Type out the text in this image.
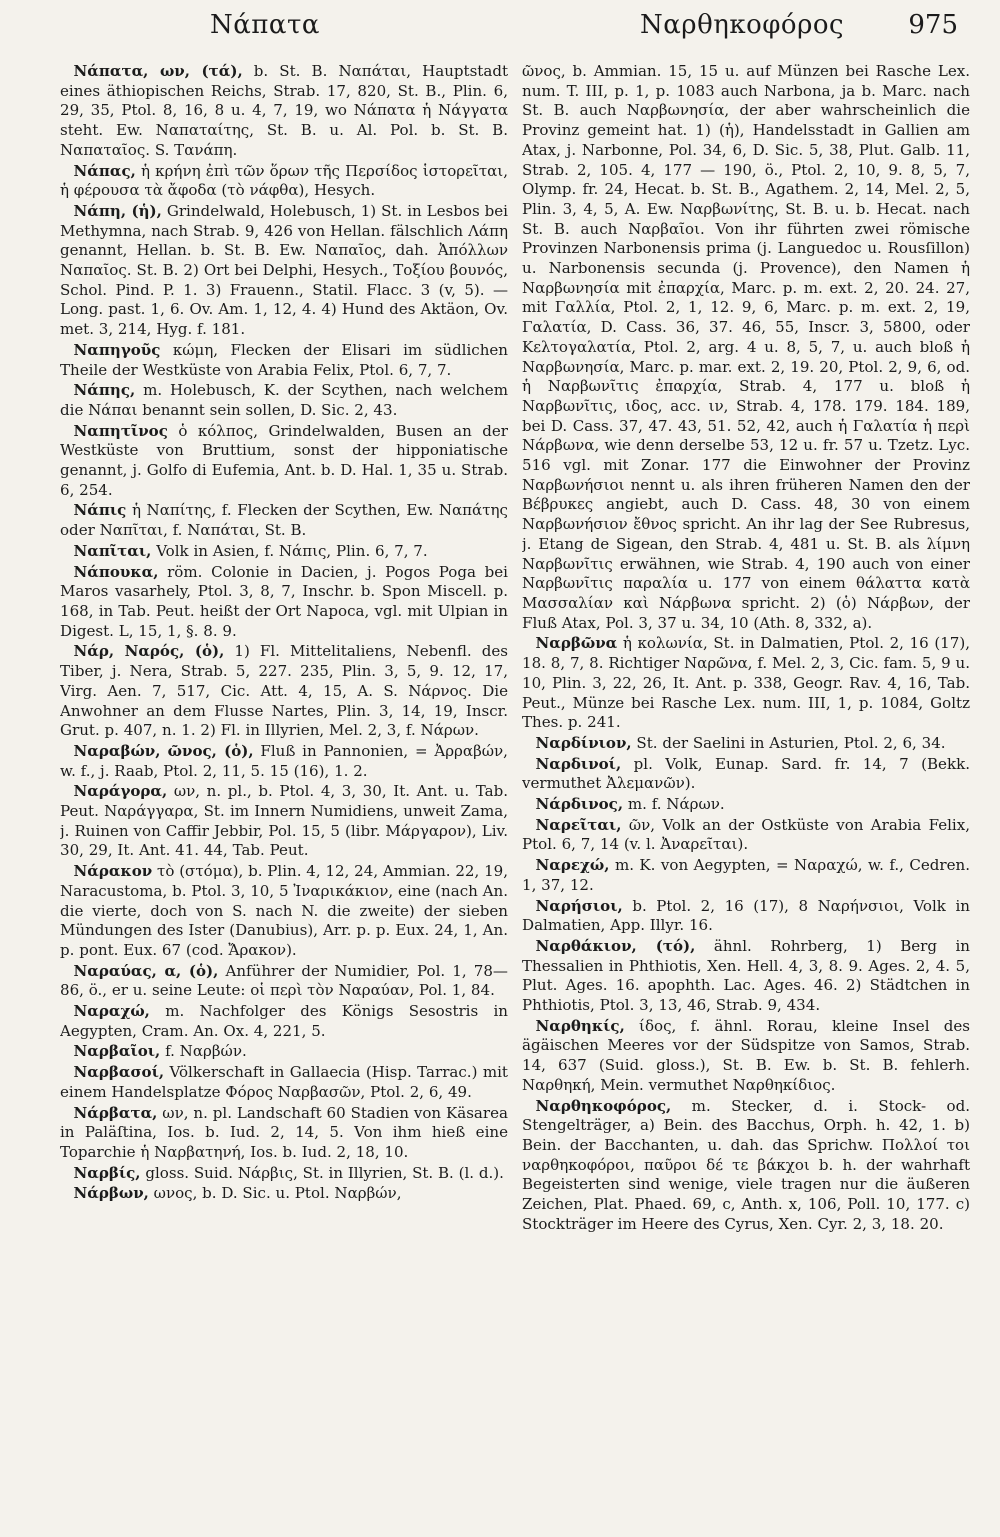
Νάπατα	Ναρθηκοφόρος 975

Νάπατα, ων, (τά), b. St. B. Ναπάται, Hauptstadt eines äthiopischen Reichs, Strab. 17, 820, St. B., Plin. 6, 29, 35, Ptol. 8, 16, 8 u. 4, 7, 19, wo Νάπατα ἡ Νάγγατα steht. Ew. Ναπαταίτης, St. B. u. Al. Pol. b. St. B. Ναπαταῖος. S. Τανάπη.

Νάπας, ἡ κρήνη ἐπὶ τῶν ὅρων τῆς Περσίδος ἱστορεῖται, ἡ φέρουσα τὰ ἄφοδα (τὸ νάφθα), Hesych.

Νάπη, (ἡ), Grindelwald, Holebusch, 1) St. in Lesbos bei Methymna, nach Strab. 9, 426 von Hellan. fälschlich Λάπη genannt, Hellan. b. St. B. Ew. Ναπαῖος, dah. Ἀπόλλων Ναπαῖος. St. B. 2) Ort bei Delphi, Hesych., Τοξίου βουνός, Schol. Pind. P. 1. 3) Frauenn., Statil. Flacc. 3 (v, 5). — Long. past. 1, 6. Ov. Am. 1, 12, 4. 4) Hund des Aktäon, Ov. met. 3, 214, Hyg. f. 181.

Ναπηγοῦς κώμη, Flecken der Elisari im südlichen Theile der Westküste von Arabia Felix, Ptol. 6, 7, 7.

Νάπης, m. Holebusch, K. der Scythen, nach welchem die Νάπαι benannt sein sollen, D. Sic. 2, 43.

Ναπητῖνος ὁ κόλπος, Grindelwalden, Busen an der Westküste von Bruttium, sonst der hipponiatische genannt, j. Golfo di Eufemia, Ant. b. D. Hal. 1, 35 u. Strab. 6, 254.

Νάπις ἡ Ναπίτης, f. Flecken der Scythen, Ew. Ναπάτης oder Ναπῖται, f. Ναπάται, St. B.

Ναπῖται, Volk in Asien, f. Νάπις, Plin. 6, 7, 7.

Νάπουκα, röm. Colonie in Dacien, j. Pogos Poga bei Maros vasarhely, Ptol. 3, 8, 7, Inschr. b. Spon Miscell. p. 168, in Tab. Peut. heißt der Ort Napoca, vgl. mit Ulpian in Digest. L, 15, 1, §. 8. 9.

Νάρ, Ναρός, (ὁ), 1) Fl. Mittelitaliens, Nebenfl. des Tiber, j. Nera, Strab. 5, 227. 235, Plin. 3, 5, 9. 12, 17, Virg. Aen. 7, 517, Cic. Att. 4, 15, A. S. Νάρνος. Die Anwohner an dem Flusse Nartes, Plin. 3, 14, 19, Inscr. Grut. p. 407, n. 1. 2) Fl. in Illyrien, Mel. 2, 3, f. Νάρων.

Ναραβών, ῶνος, (ὁ), Fluß in Pannonien, = Ἀρραβών, w. f., j. Raab, Ptol. 2, 11, 5. 15 (16), 1. 2.

Ναράγορα, ων, n. pl., b. Ptol. 4, 3, 30, It. Ant. u. Tab. Peut. Ναράγγαρα, St. im Innern Numidiens, unweit Zama, j. Ruinen von Caffir Jebbir, Pol. 15, 5 (libr. Μάργαρον), Liv. 30, 29, It. Ant. 41. 44, Tab. Peut.

Νάρακον τὸ (στόμα), b. Plin. 4, 12, 24, Ammian. 22, 19, Naracustoma, b. Ptol. 3, 10, 5 Ἰναρικάκιον, eine (nach An. die vierte, doch von S. nach N. die zweite) der sieben Mündungen des Ister (Danubius), Arr. p. p. Eux. 24, 1, An. p. pont. Eux. 67 (cod. Ἄρακον).

Ναραύας, α, (ὁ), Anführer der Numidier, Pol. 1, 78—86, ö., er u. seine Leute: οἱ περὶ τὸν Ναραύαν, Pol. 1, 84.

Ναραχώ, m. Nachfolger des Königs Sesostris in Aegypten, Cram. An. Ox. 4, 221, 5.

Ναρβαῖοι, f. Ναρβών.

Ναρβασοί, Völkerschaft in Gallaecia (Hisp. Tarrac.) mit einem Handelsplatze Φόρος Ναρβασῶν, Ptol. 2, 6, 49.

Νάρβατα, ων, n. pl. Landschaft 60 Stadien von Käsarea in Paläſtina, Ios. b. Iud. 2, 14, 5. Von ihm hieß eine Toparchie ἡ Ναρβατηνή, Ios. b. Iud. 2, 18, 10.

Ναρβίς, gloss. Suid. Νάρβις, St. in Illyrien, St. B. (l. d.).

Νάρβων, ωνος, b. D. Sic. u. Ptol. Ναρβών,

ῶνος, b. Ammian. 15, 15 u. auf Münzen bei Rasche Lex. num. T. III, p. 1, p. 1083 auch Narbona, ja b. Marc. nach St. B. auch Ναρβωνησία, der aber wahrscheinlich die Provinz gemeint hat. 1) (ἡ), Handelsstadt in Gallien am Atax, j. Narbonne, Pol. 34, 6, D. Sic. 5, 38, Plut. Galb. 11, Strab. 2, 105. 4, 177 — 190, ö., Ptol. 2, 10, 9. 8, 5, 7, Olymp. fr. 24, Hecat. b. St. B., Agathem. 2, 14, Mel. 2, 5, Plin. 3, 4, 5, A. Ew. Ναρβωνίτης, St. B. u. b. Hecat. nach St. B. auch Ναρβαῖοι. Von ihr führten zwei römische Provinzen Narbonensis prima (j. Languedoc u. Rousſillon) u. Narbonensis secunda (j. Provence), den Namen ἡ Ναρβωνησία mit ἐπαρχία, Marc. p. m. ext. 2, 20. 24. 27, mit Γαλλία, Ptol. 2, 1, 12. 9, 6, Marc. p. m. ext. 2, 19, Γαλατία, D. Cass. 36, 37. 46, 55, Inscr. 3, 5800, oder Κελτογαλατία, Ptol. 2, arg. 4 u. 8, 5, 7, u. auch bloß ἡ Ναρβωνησία, Marc. p. mar. ext. 2, 19. 20, Ptol. 2, 9, 6, od. ἡ Ναρβωνῖτις ἐπαρχία, Strab. 4, 177 u. bloß ἡ Ναρβωνῖτις, ιδος, acc. ιν, Strab. 4, 178. 179. 184. 189, bei D. Cass. 37, 47. 43, 51. 52, 42, auch ἡ Γαλατία ἡ περὶ Νάρβωνα, wie denn derselbe 53, 12 u. fr. 57 u. Tzetz. Lyc. 516 vgl. mit Zonar. 177 die Einwohner der Provinz Ναρβωνήσιοι nennt u. als ihren früheren Namen den der Βέβρυκες angiebt, auch D. Cass. 48, 30 von einem Ναρβωνήσιον ἔθνος spricht. An ihr lag der See Rubresus, j. Etang de Sigean, den Strab. 4, 481 u. St. B. als λίμνη Ναρβωνῖτις erwähnen, wie Strab. 4, 190 auch von einer Ναρβωνῖτις παραλία u. 177 von einem θάλαττα κατὰ Μασσαλίαν καὶ Νάρβωνα spricht. 2) (ὁ) Νάρβων, der Fluß Atax, Pol. 3, 37 u. 34, 10 (Ath. 8, 332, a).

Ναρβῶνα ἡ κολωνία, St. in Dalmatien, Ptol. 2, 16 (17), 18. 8, 7, 8. Richtiger Ναρῶνα, f. Mel. 2, 3, Cic. fam. 5, 9 u. 10, Plin. 3, 22, 26, It. Ant. p. 338, Geogr. Rav. 4, 16, Tab. Peut., Münze bei Rasche Lex. num. III, 1, p. 1084, Goltz Thes. p. 241.

Ναρδίνιον, St. der Saelini in Asturien, Ptol. 2, 6, 34.

Ναρδινοί, pl. Volk, Eunap. Sard. fr. 14, 7 (Bekk. vermuthet Ἀλεμανῶν).

Νάρδινος, m. f. Νάρων.

Ναρεῖται, ῶν, Volk an der Ostküste von Arabia Felix, Ptol. 6, 7, 14 (v. l. Ἀναρεῖται).

Ναρεχώ, m. K. von Aegypten, = Ναραχώ, w. f., Cedren. 1, 37, 12.

Ναρήσιοι, b. Ptol. 2, 16 (17), 8 Ναρήνσιοι, Volk in Dalmatien, App. Illyr. 16.

Ναρθάκιον, (τό), ähnl. Rohrberg, 1) Berg in Thessalien in Phthiotis, Xen. Hell. 4, 3, 8. 9. Ages. 2, 4. 5, Plut. Ages. 16. apophth. Lac. Ages. 46. 2) Städtchen in Phthiotis, Ptol. 3, 13, 46, Strab. 9, 434.

Ναρθηκίς, ίδος, f. ähnl. Rorau, kleine Insel des ägäischen Meeres vor der Südspitze von Samos, Strab. 14, 637 (Suid. gloss.), St. B. Ew. b. St. B. fehlerh. Ναρθηκή, Mein. vermuthet Ναρθηκίδιος.

Ναρθηκοφόρος, m. Stecker, d. i. Stock- od. Stengelträger, a) Bein. des Bacchus, Orph. h. 42, 1. b) Bein. der Bacchanten, u. dah. das Sprichw. Πολλοί τοι ναρθηκοφόροι, παῦροι δέ τε βάκχοι b. h. der wahrhaft Begeisterten sind wenige, viele tragen nur die äußeren Zeichen, Plat. Phaed. 69, c, Anth. x, 106, Poll. 10, 177. c) Stockträger im Heere des Cyrus, Xen. Cyr. 2, 3, 18. 20.
